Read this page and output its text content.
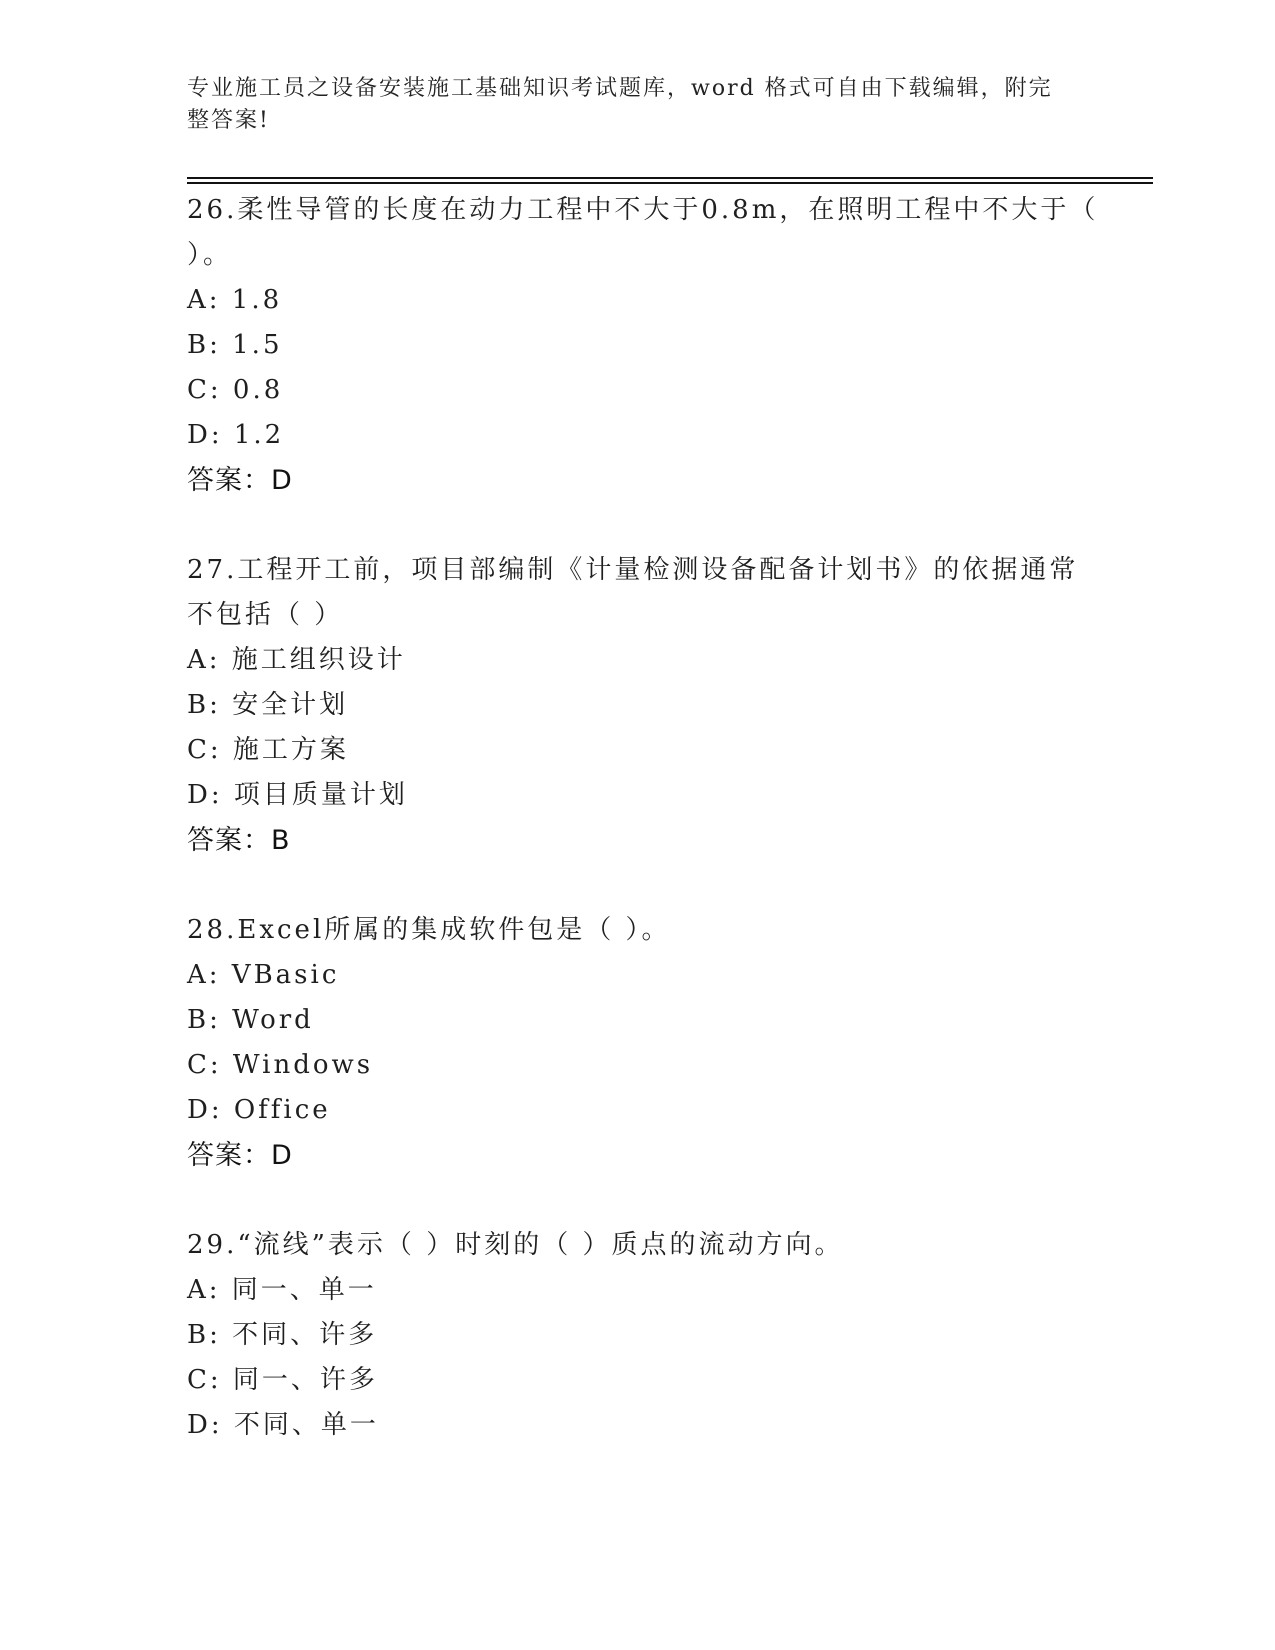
专业施工员之设备安装施工基础知识考试题库，word 格式可自由下载编辑，附完
整答案!
26.柔性导管的长度在动力工程中不大于0.8m，在照明工程中不大于（
）。
A: 1.8
B: 1.5
C: 0.8
D: 1.2
答案：D
27.工程开工前，项目部编制《计量检测设备配备计划书》的依据通常
不包括（ ）
A: 施工组织设计
B: 安全计划
C: 施工方案
D: 项目质量计划
答案：B
28.Excel所属的集成软件包是（ ）。
A: VBasic
B: Word
C: Windows
D: Office
答案：D
29.“流线”表示（ ）时刻的（ ）质点的流动方向。
A: 同一、单一
B: 不同、许多
C: 同一、许多
D: 不同、单一
